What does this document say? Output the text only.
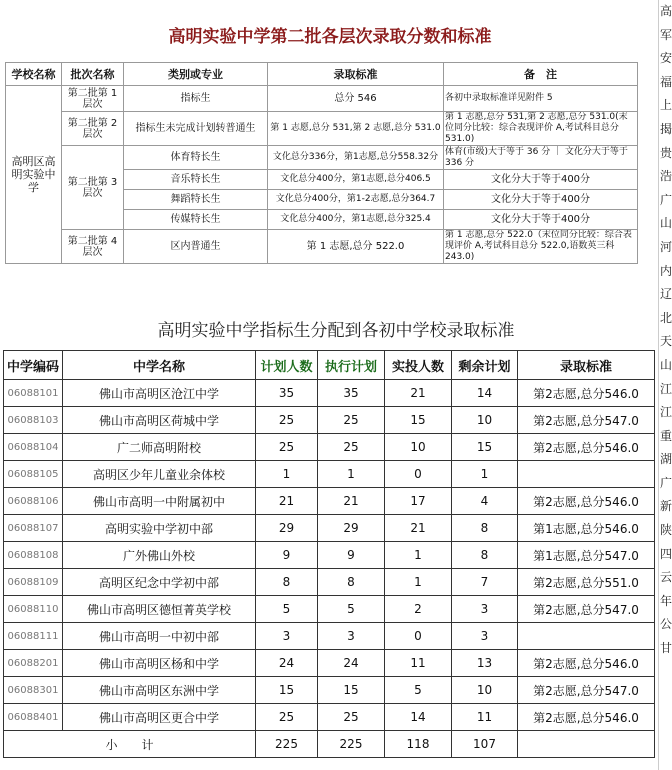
高明实验中学第二批各层次录取分数和标准
学校名称	批次名称	类别或专业	录取标准	备　注
高明区高明实验中学	第二批第 1 层次	指标生	总分 546	各初中录取标准详见附件 5
	第二批第 2 层次	指标生未完成计划转普通生	第 1 志愿,总分 531,第 2 志愿,总分 531.0	第 1 志愿,总分 531,第 2 志愿,总分 531.0(末位同分比较：综合表现评价 A,考试科目总分 531.0)
	第二批第 3 层次	体育特长生	文化总分336分，第1志愿,总分558.32分	体育(市级)大于等于 36 分 ｜ 文化分大于等于 336 分
		音乐特长生	文化总分400分，第1志愿,总分406.5	文化分大于等于400分
		舞蹈特长生	文化总分400分，第1-2志愿,总分364.7	文化分大于等于400分
		传媒特长生	文化总分400分，第1志愿,总分325.4	文化分大于等于400分
	第二批第 4 层次	区内普通生	第 1 志愿,总分 522.0	第 1 志愿,总分 522.0（末位同分比较：综合表现评价 A,考试科目总分 522.0,语数英三科 243.0)
高明实验中学指标生分配到各初中学校录取标准
中学编码	中学名称	计划人数	执行计划	实投人数	剩余计划	录取标准
06088101	佛山市高明区沧江中学	35	35	21	14	第2志愿,总分546.0
06088103	佛山市高明区荷城中学	25	25	15	10	第2志愿,总分547.0
06088104	广二师高明附校	25	25	10	15	第2志愿,总分546.0
06088105	高明区少年儿童业余体校	1	1	0	1	
06088106	佛山市高明一中附属初中	21	21	17	4	第2志愿,总分546.0
06088107	高明实验中学初中部	29	29	21	8	第1志愿,总分546.0
06088108	广外佛山外校	9	9	1	8	第1志愿,总分547.0
06088109	高明区纪念中学初中部	8	8	1	7	第2志愿,总分551.0
06088110	佛山市高明区德恒菁英学校	5	5	2	3	第2志愿,总分547.0
06088111	佛山市高明一中初中部	3	3	0	3	
06088201	佛山市高明区杨和中学	24	24	11	13	第2志愿,总分546.0
06088301	佛山市高明区东洲中学	15	15	5	10	第2志愿,总分547.0
06088401	佛山市高明区更合中学	25	25	14	11	第2志愿,总分546.0
小　　计		225	225	118	107	
高
军
安
福
上
揭
贵
浩
广
山
河
内
辽
北
天
山
江
江
重
湖
广
新
陕
四
云
年
公
甘
